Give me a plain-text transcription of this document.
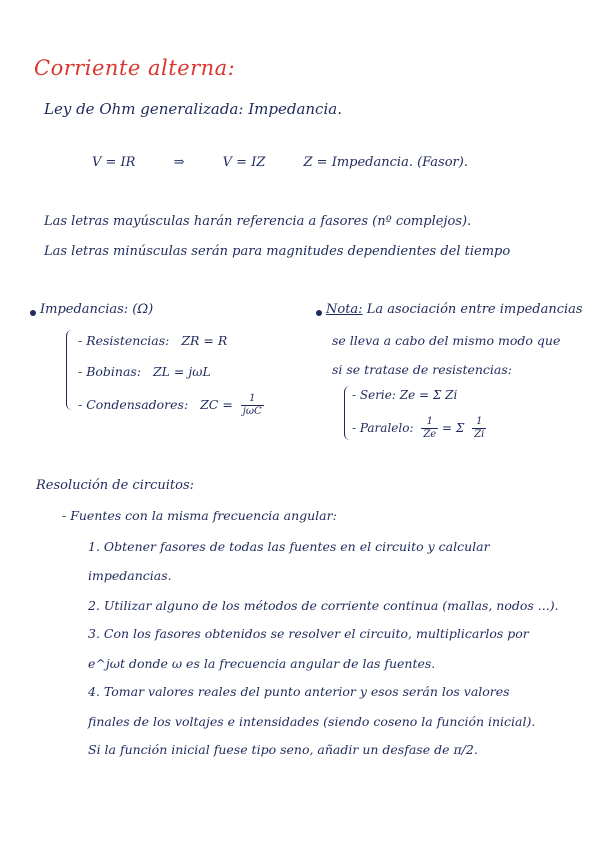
Corriente alterna:
Ley de Ohm generalizada: Impedancia.
V = IR	⇒	V = IZ	Z = Impedancia. (Fasor).
Las letras mayúsculas harán referencia a fasores (nº complejos).
Las letras minúsculas serán para magnitudes dependientes del tiempo
Impedancias: (Ω)
- Resistencias: ZR = R
- Bobinas: ZL = jωL
- Condensadores: ZC = $\frac{1}{\text{jωC}}$
Nota: La asociación entre impedancias
se lleva a cabo del mismo modo que
si se tratase de resistencias:
- Serie: Ze = Σ Zi
- Paralelo: $\frac{1}{Ze} = \Sigma \frac{1}{Zi}$
Resolución de circuitos:
- Fuentes con la misma frecuencia angular:
1. Obtener fasores de todas las fuentes en el circuito y calcular
impedancias.
2. Utilizar alguno de los métodos de corriente continua (mallas, nodos ...).
3. Con los fasores obtenidos se resolver el circuito, multiplicarlos por
e^jωt donde ω es la frecuencia angular de las fuentes.
4. Tomar valores reales del punto anterior y esos serán los valores
finales de los voltajes e intensidades (siendo coseno la función inicial).
Si la función inicial fuese tipo seno, añadir un desfase de π/2.
